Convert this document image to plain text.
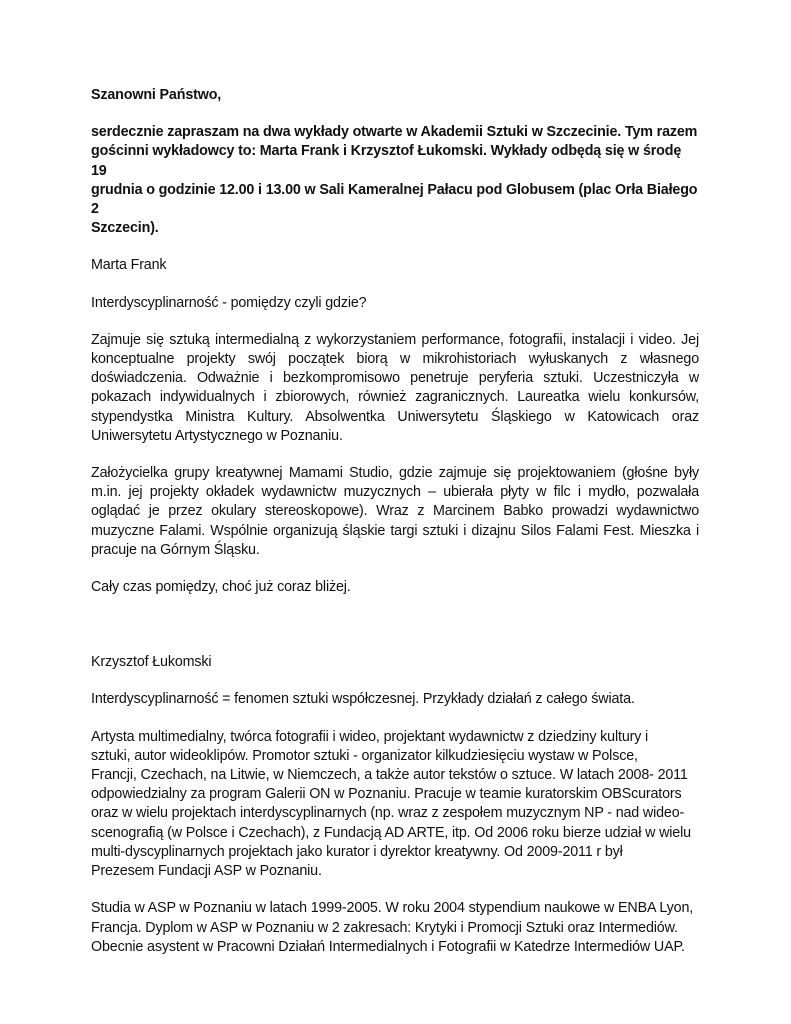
Szanowni Państwo,

serdecznie zapraszam na dwa wykłady otwarte w Akademii Sztuki w Szczecinie. Tym razem
gościnni wykładowcy to: Marta Frank i Krzysztof Łukomski. Wykłady odbędą się w środę 19
grudnia o godzinie 12.00 i 13.00 w Sali Kameralnej Pałacu pod Globusem (plac Orła Białego 2
Szczecin).

Marta Frank

Interdyscyplinarność - pomiędzy czyli gdzie?

Zajmuje się sztuką intermedialną z wykorzystaniem performance, fotografii, instalacji i video. Jej
konceptualne projekty swój początek biorą w mikrohistoriach wyłuskanych z własnego
doświadczenia. Odważnie i bezkompromisowo penetruje peryferia sztuki. Uczestniczyła w
pokazach indywidualnych i zbiorowych, również zagranicznych. Laureatka wielu konkursów,
stypendystka Ministra Kultury. Absolwentka Uniwersytetu Śląskiego w Katowicach oraz
Uniwersytetu Artystycznego w Poznaniu.

Założycielka grupy kreatywnej Mamami Studio, gdzie zajmuje się projektowaniem (głośne były
m.in. jej projekty okładek wydawnictw muzycznych – ubierała płyty w filc i mydło, pozwalała
oglądać je przez okulary stereoskopowe). Wraz z Marcinem Babko prowadzi wydawnictwo
muzyczne Falami. Wspólnie organizują śląskie targi sztuki i dizajnu Silos Falami Fest. Mieszka i
pracuje na Górnym Śląsku.

Cały czas pomiędzy, choć już coraz bliżej.

Krzysztof Łukomski

Interdyscyplinarność = fenomen sztuki współczesnej. Przykłady działań z całego świata.

Artysta multimedialny, twórca fotografii i wideo, projektant wydawnictw z dziedziny kultury i
sztuki, autor wideoklipów. Promotor sztuki - organizator kilkudziesięciu wystaw w Polsce,
Francji, Czechach, na Litwie, w Niemczech, a także autor tekstów o sztuce. W latach 2008- 2011
odpowiedzialny za program Galerii ON w Poznaniu. Pracuje w teamie kuratorskim OBScurators
oraz w wielu projektach interdyscyplinarnych (np. wraz z zespołem muzycznym NP - nad wideo-
scenografią (w Polsce i Czechach), z Fundacją AD ARTE, itp. Od 2006 roku bierze udział w wielu
multi-dyscyplinarnych projektach jako kurator i dyrektor kreatywny. Od 2009-2011 r był
Prezesem Fundacji ASP w Poznaniu.

Studia w ASP w Poznaniu w latach 1999-2005. W roku 2004 stypendium naukowe w ENBA Lyon,
Francja. Dyplom w ASP w Poznaniu w 2 zakresach: Krytyki i Promocji Sztuki oraz Intermediów.
Obecnie asystent w Pracowni Działań Intermedialnych i Fotografii w Katedrze Intermediów UAP.
